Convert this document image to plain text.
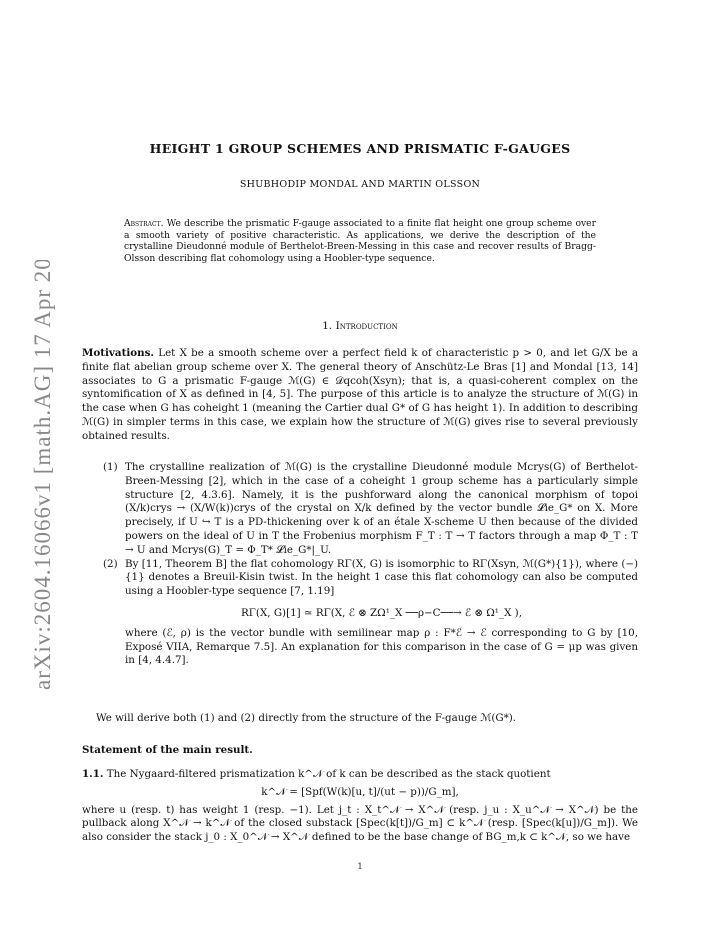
arXiv:2604.16066v1 [math.AG] 17 Apr 2026
HEIGHT 1 GROUP SCHEMES AND PRISMATIC F-GAUGES
SHUBHODIP MONDAL AND MARTIN OLSSON
Abstract. We describe the prismatic F-gauge associated to a finite flat height one group scheme over a smooth variety of positive characteristic. As applications, we derive the description of the crystalline Dieudonné module of Berthelot-Breen-Messing in this case and recover results of Bragg-Olsson describing flat cohomology using a Hoobler-type sequence.
1. Introduction
Motivations. Let X be a smooth scheme over a perfect field k of characteristic p > 0, and let G/X be a finite flat abelian group scheme over X. The general theory of Anschütz-Le Bras [1] and Mondal [13, 14] associates to G a prismatic F-gauge ℳ(G) ∈ 𝒟qcoh(Xsyn); that is, a quasi-coherent complex on the syntomification of X as defined in [4, 5]. The purpose of this article is to analyze the structure of ℳ(G) in the case when G has coheight 1 (meaning the Cartier dual G* of G has height 1). In addition to describing ℳ(G) in simpler terms in this case, we explain how the structure of ℳ(G) gives rise to several previously obtained results.
(1) The crystalline realization of ℳ(G) is the crystalline Dieudonné module Mcrys(G) of Berthelot-Breen-Messing [2], which in the case of a coheight 1 group scheme has a particularly simple structure [2, 4.3.6]. Namely, it is the pushforward along the canonical morphism of topoi (X/k)crys → (X/W(k))crys of the crystal on X/k defined by the vector bundle 𝓛ie_G* on X. More precisely, if U ↪ T is a PD-thickening over k of an étale X-scheme U then because of the divided powers on the ideal of U in T the Frobenius morphism F_T : T → T factors through a map Φ_T : T → U and Mcrys(G)_T = Φ_T* 𝓛ie_G*|_U.
(2) By [11, Theorem B] the flat cohomology RΓ(X, G) is isomorphic to RΓ(Xsyn, ℳ(G*){1}), where (−){1} denotes a Breuil-Kisin twist. In the height 1 case this flat cohomology can also be computed using a Hoobler-type sequence [7, 1.19]
RΓ(X, G)[1] ≃ RΓ(X, ℰ ⊗ ZΩ¹_X ──ρ−C──→ ℰ ⊗ Ω¹_X ),
where (ℰ, ρ) is the vector bundle with semilinear map ρ : F*ℰ → ℰ corresponding to G by [10, Exposé VIIA, Remarque 7.5]. An explanation for this comparison in the case of G = μp was given in [4, 4.4.7].
We will derive both (1) and (2) directly from the structure of the F-gauge ℳ(G*).
Statement of the main result.
1.1. The Nygaard-filtered prismatization k^𝒩 of k can be described as the stack quotient
k^𝒩 = [Spf(W(k)[u, t]/(ut − p))/G_m],
where u (resp. t) has weight 1 (resp. −1). Let j_t : X_t^𝒩 → X^𝒩 (resp. j_u : X_u^𝒩 → X^𝒩) be the pullback along X^𝒩 → k^𝒩 of the closed substack [Spec(k[t])/G_m] ⊂ k^𝒩 (resp. [Spec(k[u])/G_m]). We also consider the stack j_0 : X_0^𝒩 → X^𝒩 defined to be the base change of BG_m,k ⊂ k^𝒩, so we have
1
